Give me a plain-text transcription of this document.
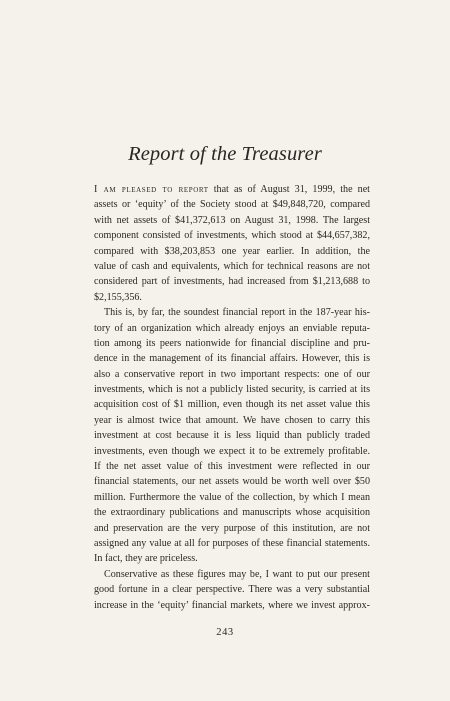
Report of the Treasurer
I am pleased to report that as of August 31, 1999, the net
assets or ‘equity’ of the Society stood at $49,848,720, compared
with net assets of $41,372,613 on August 31, 1998. The largest
component consisted of investments, which stood at $44,657,382,
compared with $38,203,853 one year earlier. In addition, the
value of cash and equivalents, which for technical reasons are not
considered part of investments, had increased from $1,213,688 to
$2,155,356.
This is, by far, the soundest financial report in the 187-year his-
tory of an organization which already enjoys an enviable reputa-
tion among its peers nationwide for financial discipline and pru-
dence in the management of its financial affairs. However, this is
also a conservative report in two important respects: one of our
investments, which is not a publicly listed security, is carried at its
acquisition cost of $1 million, even though its net asset value this
year is almost twice that amount. We have chosen to carry this
investment at cost because it is less liquid than publicly traded
investments, even though we expect it to be extremely profitable.
If the net asset value of this investment were reflected in our
financial statements, our net assets would be worth well over $50
million. Furthermore the value of the collection, by which I mean
the extraordinary publications and manuscripts whose acquisition
and preservation are the very purpose of this institution, are not
assigned any value at all for purposes of these financial statements.
In fact, they are priceless.
Conservative as these figures may be, I want to put our present
good fortune in a clear perspective. There was a very substantial
increase in the ‘equity’ financial markets, where we invest approx-
243
